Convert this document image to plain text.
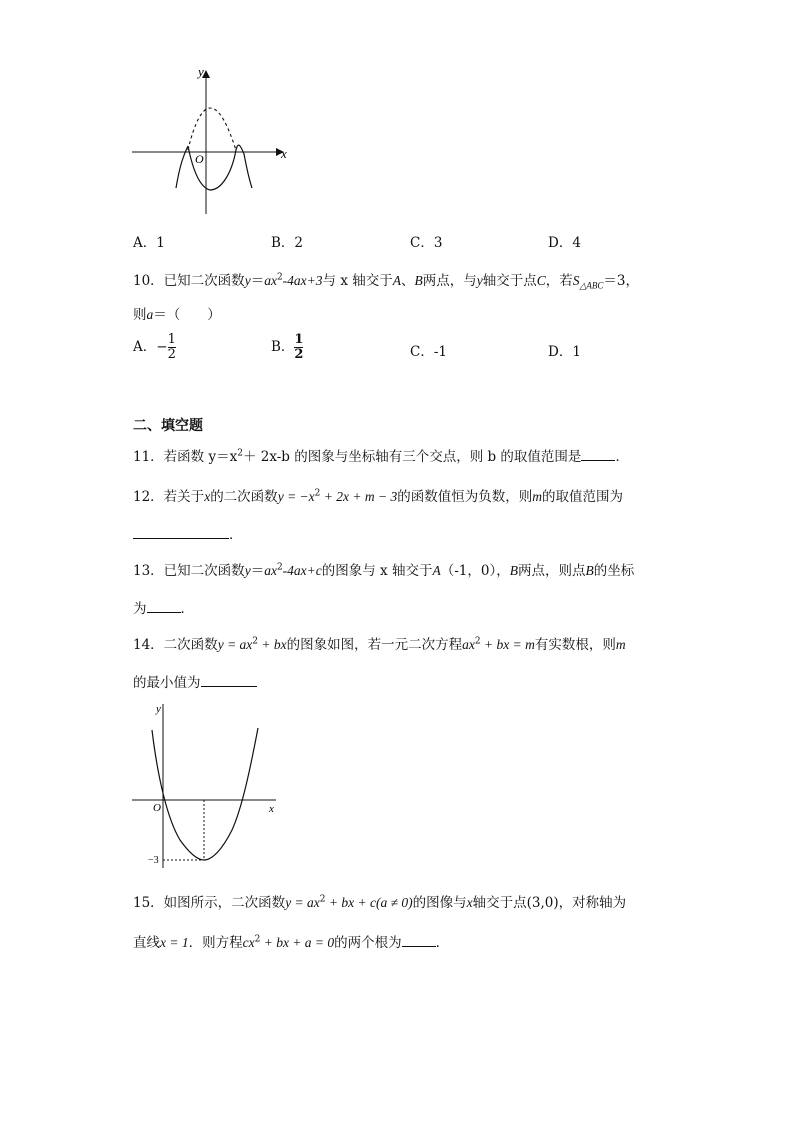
y
x
O
A．1	B．2	C．3	D．4
10．已知二次函数$y=ax^2-4ax+3$与 x 轴交于A、B两点，与y轴交于点C，若$S_{\triangle ABC}=3$，
则a＝（　　）
A．− $\frac{1}{2}$	B． $\frac{1}{2}$	C．-1	D．1
二、填空题
11．若函数 $y=x^2+ 2x-b$ 的图象与坐标轴有三个交点，则 b 的取值范围是	．
12．若关于x的二次函数$y = -x^2 + 2x + m - 3$的函数值恒为负数，则m的取值范围为
．
13．已知二次函数$y=ax^2-4ax+c$的图象与 x 轴交于A（-1，0），B两点，则点B的坐标
为	．
14．二次函数$y = ax^2$ + bx的图象如图，若一元二次方程$ax^2$ + bx = m有实数根，则m
的最小值为
y
x
O
−3
15．如图所示，二次函数$y = ax^2$ + bx + c(a ≠ 0)的图像与x轴交于点(3,0)，对称轴为
直线x = 1．则方程$cx^2$ + bx + a = 0的两个根为	．
